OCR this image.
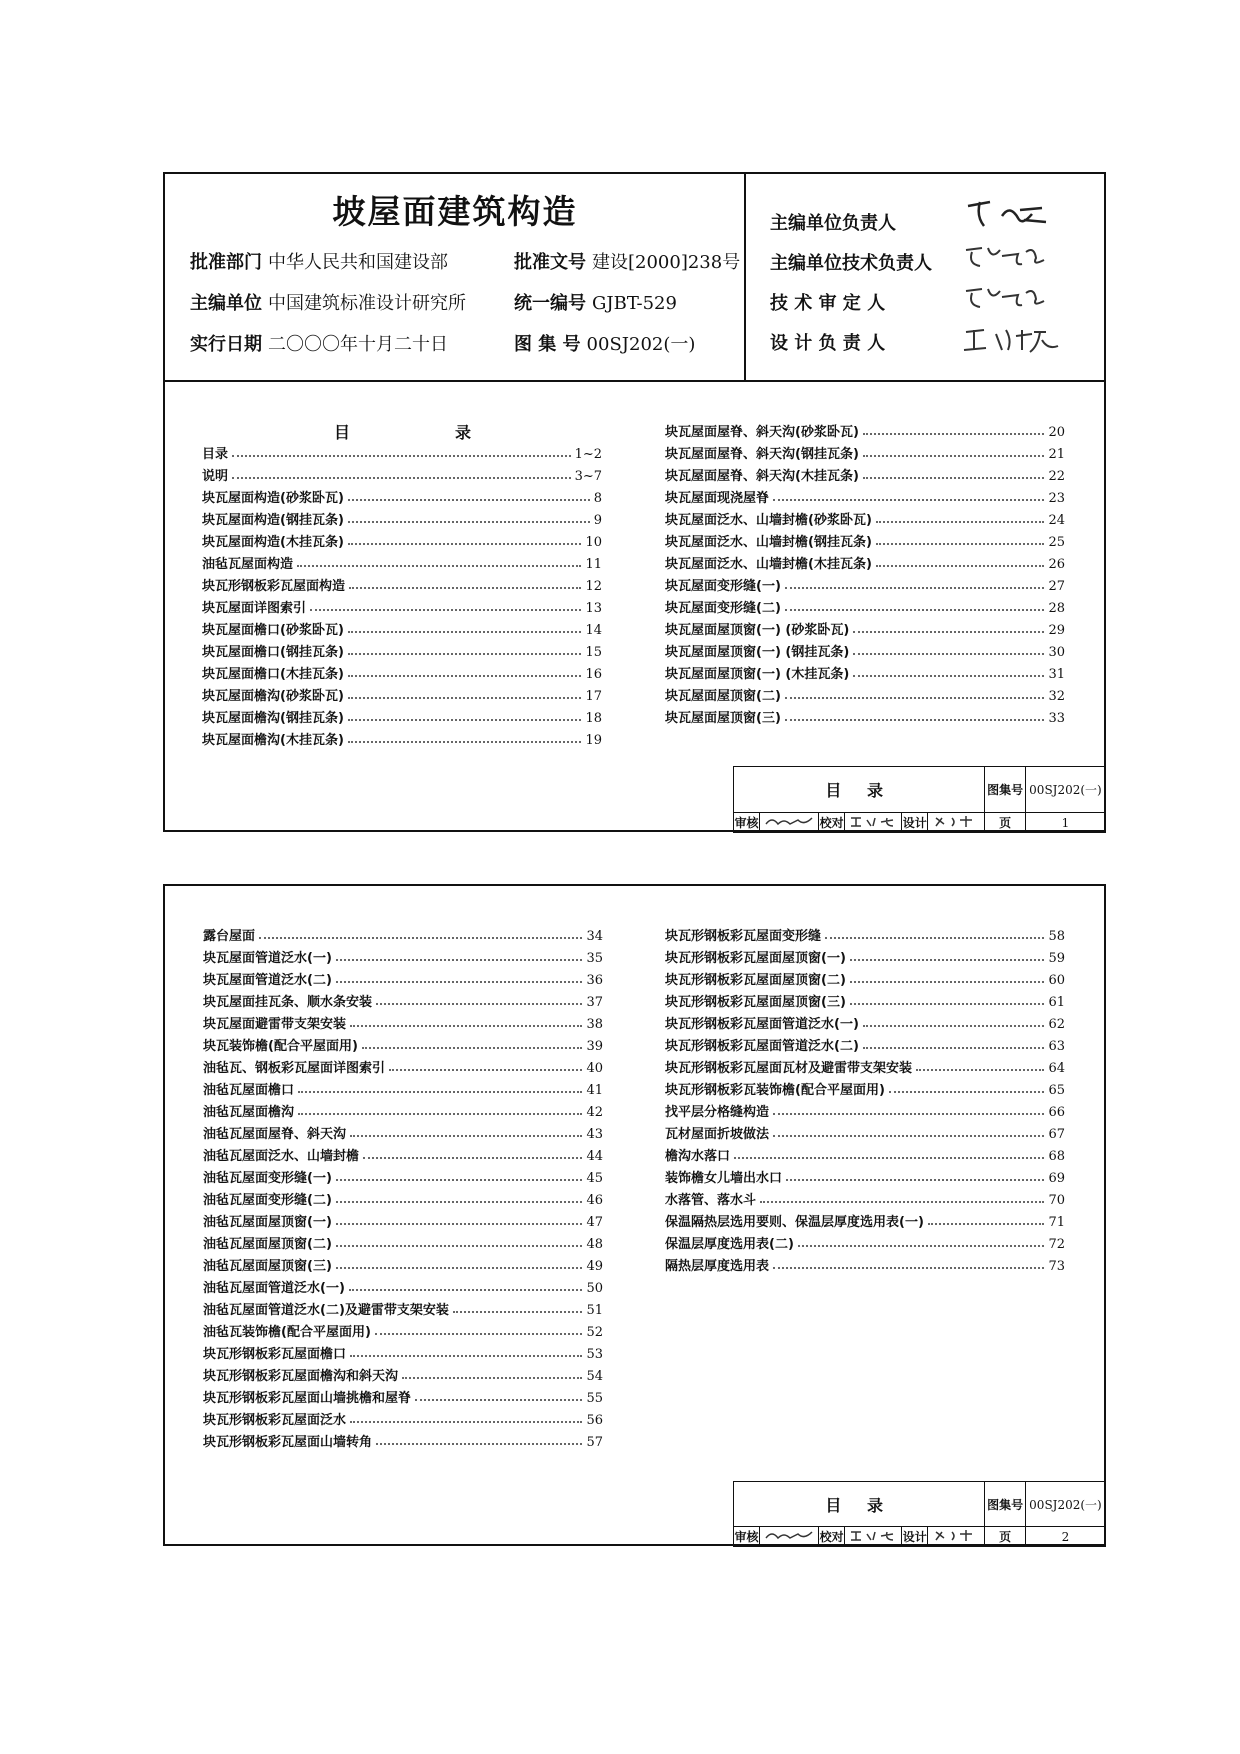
坡屋面建筑构造
批准部门 中华人民共和国建设部	批准文号 建设[2000]238号
主编单位 中国建筑标准设计研究所	统一编号 GJBT-529
实行日期 二〇〇〇年十月二十日	图 集 号 00SJ202(一)
主编单位负责人
主编单位技术负责人
技 术 审 定 人
设 计 负 责 人
目	录
目录	1~2
说明	3~7
块瓦屋面构造(砂浆卧瓦)	8
块瓦屋面构造(钢挂瓦条)	9
块瓦屋面构造(木挂瓦条)	10
油毡瓦屋面构造	11
块瓦形钢板彩瓦屋面构造	12
块瓦屋面详图索引	13
块瓦屋面檐口(砂浆卧瓦)	14
块瓦屋面檐口(钢挂瓦条)	15
块瓦屋面檐口(木挂瓦条)	16
块瓦屋面檐沟(砂浆卧瓦)	17
块瓦屋面檐沟(钢挂瓦条)	18
块瓦屋面檐沟(木挂瓦条)	19
块瓦屋面屋脊、斜天沟(砂浆卧瓦)	20
块瓦屋面屋脊、斜天沟(钢挂瓦条)	21
块瓦屋面屋脊、斜天沟(木挂瓦条)	22
块瓦屋面现浇屋脊	23
块瓦屋面泛水、山墙封檐(砂浆卧瓦)	24
块瓦屋面泛水、山墙封檐(钢挂瓦条)	25
块瓦屋面泛水、山墙封檐(木挂瓦条)	26
块瓦屋面变形缝(一)	27
块瓦屋面变形缝(二)	28
块瓦屋面屋顶窗(一) (砂浆卧瓦)	29
块瓦屋面屋顶窗(一) (钢挂瓦条)	30
块瓦屋面屋顶窗(一) (木挂瓦条)	31
块瓦屋面屋顶窗(二)	32
块瓦屋面屋顶窗(三)	33
目 录						图集号	00SJ202(一)
审核		校对		设计		页	1
露台屋面	34
块瓦屋面管道泛水(一)	35
块瓦屋面管道泛水(二)	36
块瓦屋面挂瓦条、顺水条安装	37
块瓦屋面避雷带支架安装	38
块瓦装饰檐(配合平屋面用)	39
油毡瓦、钢板彩瓦屋面详图索引	40
油毡瓦屋面檐口	41
油毡瓦屋面檐沟	42
油毡瓦屋面屋脊、斜天沟	43
油毡瓦屋面泛水、山墙封檐	44
油毡瓦屋面变形缝(一)	45
油毡瓦屋面变形缝(二)	46
油毡瓦屋面屋顶窗(一)	47
油毡瓦屋面屋顶窗(二)	48
油毡瓦屋面屋顶窗(三)	49
油毡瓦屋面管道泛水(一)	50
油毡瓦屋面管道泛水(二)及避雷带支架安装	51
油毡瓦装饰檐(配合平屋面用)	52
块瓦形钢板彩瓦屋面檐口	53
块瓦形钢板彩瓦屋面檐沟和斜天沟	54
块瓦形钢板彩瓦屋面山墙挑檐和屋脊	55
块瓦形钢板彩瓦屋面泛水	56
块瓦形钢板彩瓦屋面山墙转角	57
块瓦形钢板彩瓦屋面变形缝	58
块瓦形钢板彩瓦屋面屋顶窗(一)	59
块瓦形钢板彩瓦屋面屋顶窗(二)	60
块瓦形钢板彩瓦屋面屋顶窗(三)	61
块瓦形钢板彩瓦屋面管道泛水(一)	62
块瓦形钢板彩瓦屋面管道泛水(二)	63
块瓦形钢板彩瓦屋面瓦材及避雷带支架安装	64
块瓦形钢板彩瓦装饰檐(配合平屋面用)	65
找平层分格缝构造	66
瓦材屋面折坡做法	67
檐沟水落口	68
装饰檐女儿墙出水口	69
水落管、落水斗	70
保温隔热层选用要则、保温层厚度选用表(一)	71
保温层厚度选用表(二)	72
隔热层厚度选用表	73
目 录						图集号	00SJ202(一)
审核		校对		设计		页	2
